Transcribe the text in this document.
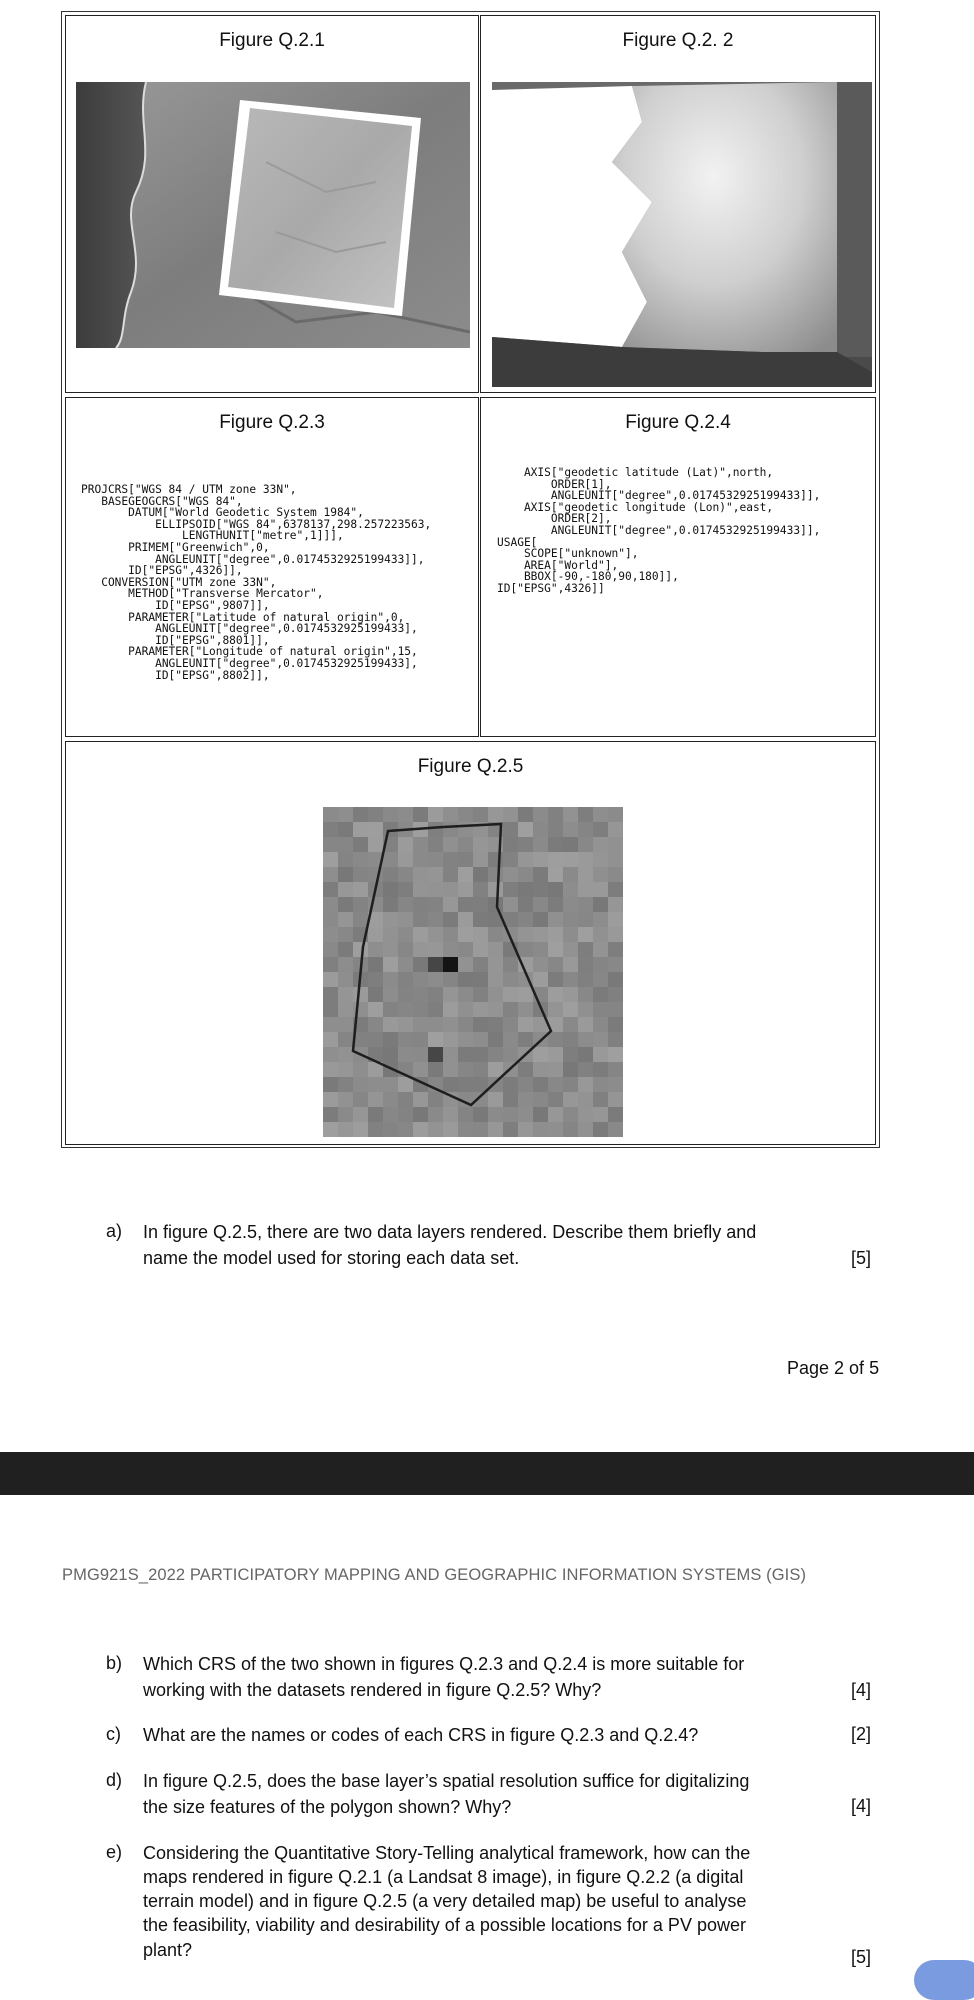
Figure Q.2.1	Figure Q.2. 2
Figure Q.2.3
PROJCRS["WGS 84 / UTM zone 33N",
BASEGEOGCRS["WGS 84",
DATUM["World Geodetic System 1984",
ELLIPSOID["WGS 84",6378137,298.257223563,
LENGTHUNIT["metre",1]]],
PRIMEM["Greenwich",0,
ANGLEUNIT["degree",0.0174532925199433]],
ID["EPSG",4326]],
CONVERSION["UTM zone 33N",
METHOD["Transverse Mercator",
ID["EPSG",9807]],
PARAMETER["Latitude of natural origin",0,
ANGLEUNIT["degree",0.0174532925199433],
ID["EPSG",8801]],
PARAMETER["Longitude of natural origin",15,
ANGLEUNIT["degree",0.0174532925199433],
ID["EPSG",8802]],
Figure Q.2.4
AXIS["geodetic latitude (Lat)",north,
ORDER[1],
ANGLEUNIT["degree",0.0174532925199433]],
AXIS["geodetic longitude (Lon)",east,
ORDER[2],
ANGLEUNIT["degree",0.0174532925199433]],
USAGE[
SCOPE["unknown"],
AREA["World"],
BBOX[-90,-180,90,180]],
ID["EPSG",4326]]
Figure Q.2.5
a) In figure Q.2.5, there are two data layers rendered. Describe them briefly and
name the model used for storing each data set.	[5]
Page 2 of 5
PMG921S_2022 PARTICIPATORY MAPPING AND GEOGRAPHIC INFORMATION SYSTEMS (GIS)
b) Which CRS of the two shown in figures Q.2.3 and Q.2.4 is more suitable for
working with the datasets rendered in figure Q.2.5? Why?	[4]
c) What are the names or codes of each CRS in figure Q.2.3 and Q.2.4?	[2]
d) In figure Q.2.5, does the base layer’s spatial resolution suffice for digitalizing
the size features of the polygon shown? Why?	[4]
e) Considering the Quantitative Story-Telling analytical framework, how can the
maps rendered in figure Q.2.1 (a Landsat 8 image), in figure Q.2.2 (a digital
terrain model) and in figure Q.2.5 (a very detailed map) be useful to analyse
the feasibility, viability and desirability of a possible locations for a PV power
plant?	[5]
